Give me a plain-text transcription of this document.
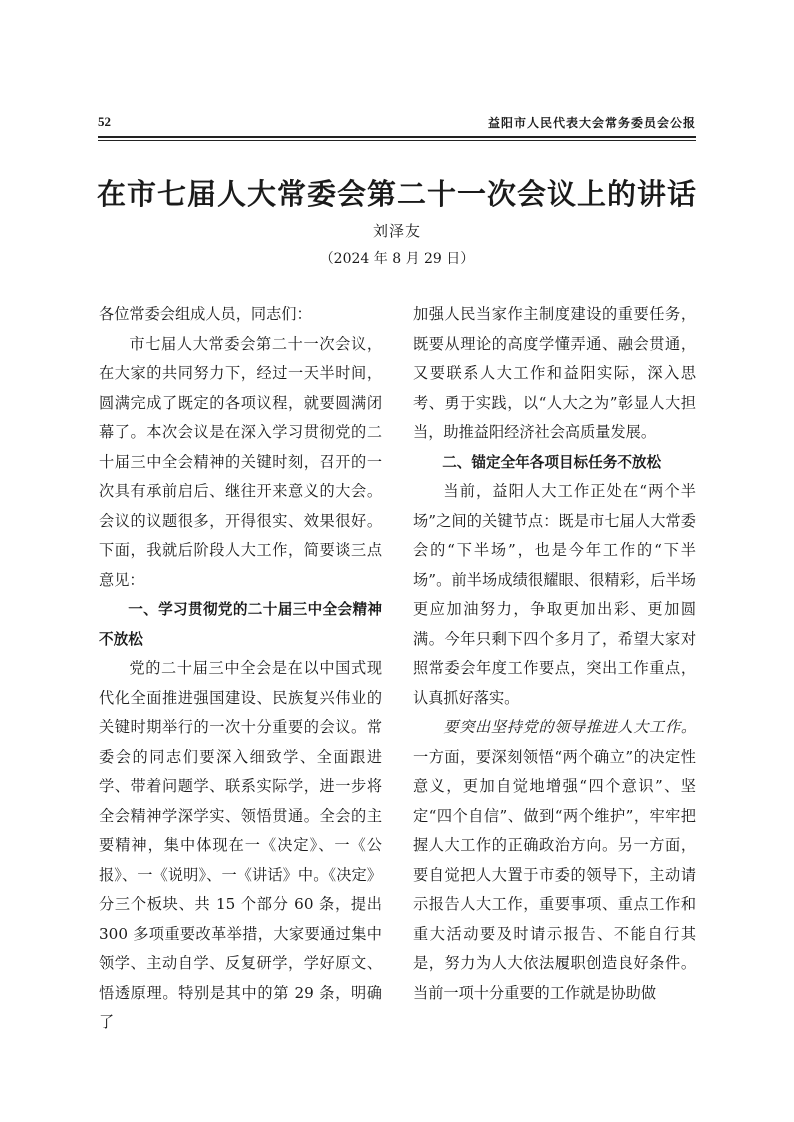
52	益阳市人民代表大会常务委员会公报
在市七届人大常委会第二十一次会议上的讲话
刘泽友
（2024 年 8 月 29 日）

各位常委会组成人员，同志们：

市七届人大常委会第二十一次会议，在大家的共同努力下，经过一天半时间，圆满完成了既定的各项议程，就要圆满闭幕了。本次会议是在深入学习贯彻党的二十届三中全会精神的关键时刻，召开的一次具有承前启后、继往开来意义的大会。会议的议题很多，开得很实、效果很好。下面，我就后阶段人大工作，简要谈三点意见：

一、学习贯彻党的二十届三中全会精神不放松

党的二十届三中全会是在以中国式现代化全面推进强国建设、民族复兴伟业的关键时期举行的一次十分重要的会议。常委会的同志们要深入细致学、全面跟进学、带着问题学、联系实际学，进一步将全会精神学深学实、领悟贯通。全会的主要精神，集中体现在一《决定》、一《公报》、一《说明》、一《讲话》中。《决定》分三个板块、共 15 个部分 60 条，提出 300 多项重要改革举措，大家要通过集中领学、主动自学、反复研学，学好原文、悟透原理。特别是其中的第 29 条，明确了

加强人民当家作主制度建设的重要任务，既要从理论的高度学懂弄通、融会贯通，又要联系人大工作和益阳实际，深入思考、勇于实践，以“人大之为”彰显人大担当，助推益阳经济社会高质量发展。

二、锚定全年各项目标任务不放松

当前，益阳人大工作正处在“两个半场”之间的关键节点：既是市七届人大常委会的“下半场”，也是今年工作的“下半场”。前半场成绩很耀眼、很精彩，后半场更应加油努力，争取更加出彩、更加圆满。今年只剩下四个多月了，希望大家对照常委会年度工作要点，突出工作重点，认真抓好落实。

要突出坚持党的领导推进人大工作。一方面，要深刻领悟“两个确立”的决定性意义，更加自觉地增强“四个意识”、坚定“四个自信”、做到“两个维护”，牢牢把握人大工作的正确政治方向。另一方面，要自觉把人大置于市委的领导下，主动请示报告人大工作，重要事项、重点工作和重大活动要及时请示报告、不能自行其是，努力为人大依法履职创造良好条件。当前一项十分重要的工作就是协助做
